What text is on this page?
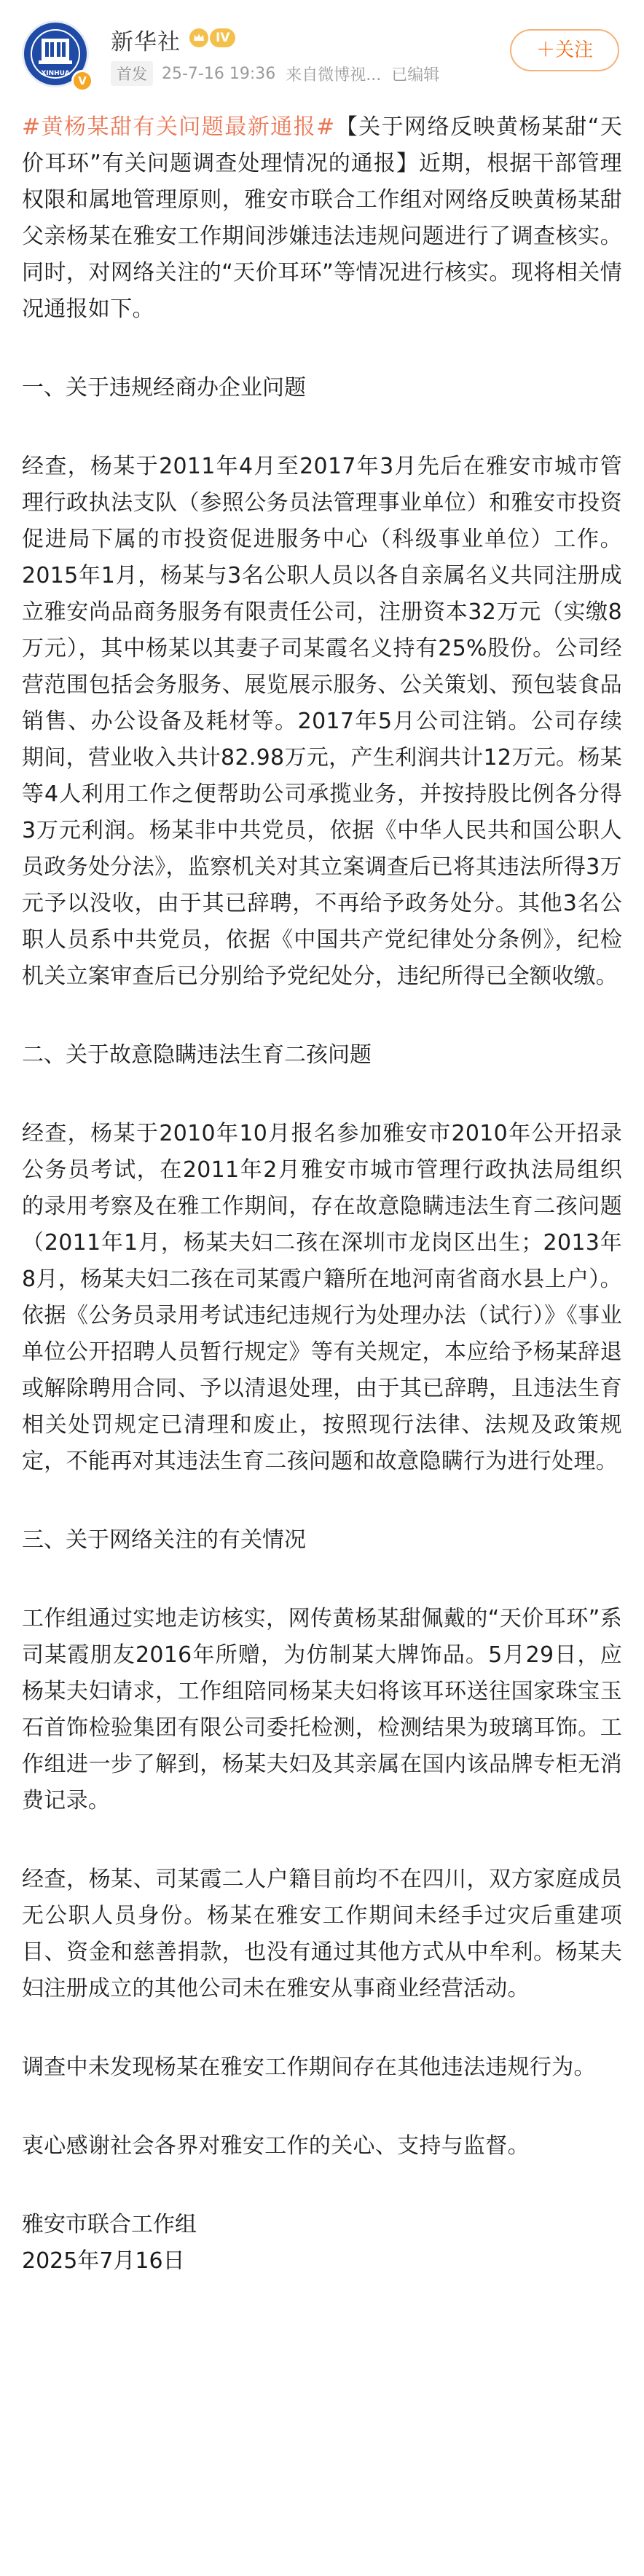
XINHUA
V
新华社	IV
首发 25-7-16 19:36 来自微博视... 已编辑
＋关注

#黄杨某甜有关问题最新通报#【关于网络反映黄杨某甜“天价耳环”有关问题调查处理情况的通报】近期，根据干部管理权限和属地管理原则，雅安市联合工作组对网络反映黄杨某甜父亲杨某在雅安工作期间涉嫌违法违规问题进行了调查核实。同时，对网络关注的“天价耳环”等情况进行核实。现将相关情况通报如下。

一、关于违规经商办企业问题

经查，杨某于2011年4月至2017年3月先后在雅安市城市管理行政执法支队（参照公务员法管理事业单位）和雅安市投资促进局下属的市投资促进服务中心（科级事业单位）工作。2015年1月，杨某与3名公职人员以各自亲属名义共同注册成立雅安尚品商务服务有限责任公司，注册资本32万元（实缴8万元），其中杨某以其妻子司某霞名义持有25%股份。公司经营范围包括会务服务、展览展示服务、公关策划、预包装食品销售、办公设备及耗材等。2017年5月公司注销。公司存续期间，营业收入共计82.98万元，产生利润共计12万元。杨某等4人利用工作之便帮助公司承揽业务，并按持股比例各分得3万元利润。杨某非中共党员，依据《中华人民共和国公职人员政务处分法》，监察机关对其立案调查后已将其违法所得3万元予以没收，由于其已辞聘，不再给予政务处分。其他3名公职人员系中共党员，依据《中国共产党纪律处分条例》，纪检机关立案审查后已分别给予党纪处分，违纪所得已全额收缴。

二、关于故意隐瞒违法生育二孩问题

经查，杨某于2010年10月报名参加雅安市2010年公开招录公务员考试，在2011年2月雅安市城市管理行政执法局组织的录用考察及在雅工作期间，存在故意隐瞒违法生育二孩问题（2011年1月，杨某夫妇二孩在深圳市龙岗区出生；2013年8月，杨某夫妇二孩在司某霞户籍所在地河南省商水县上户）。依据《公务员录用考试违纪违规行为处理办法（试行）》《事业单位公开招聘人员暂行规定》等有关规定，本应给予杨某辞退或解除聘用合同、予以清退处理，由于其已辞聘，且违法生育相关处罚规定已清理和废止，按照现行法律、法规及政策规定，不能再对其违法生育二孩问题和故意隐瞒行为进行处理。

三、关于网络关注的有关情况

工作组通过实地走访核实，网传黄杨某甜佩戴的“天价耳环”系司某霞朋友2016年所赠，为仿制某大牌饰品。5月29日，应杨某夫妇请求，工作组陪同杨某夫妇将该耳环送往国家珠宝玉石首饰检验集团有限公司委托检测，检测结果为玻璃耳饰。工作组进一步了解到，杨某夫妇及其亲属在国内该品牌专柜无消费记录。

经查，杨某、司某霞二人户籍目前均不在四川，双方家庭成员无公职人员身份。杨某在雅安工作期间未经手过灾后重建项目、资金和慈善捐款，也没有通过其他方式从中牟利。杨某夫妇注册成立的其他公司未在雅安从事商业经营活动。

调查中未发现杨某在雅安工作期间存在其他违法违规行为。

衷心感谢社会各界对雅安工作的关心、支持与监督。

雅安市联合工作组

2025年7月16日
